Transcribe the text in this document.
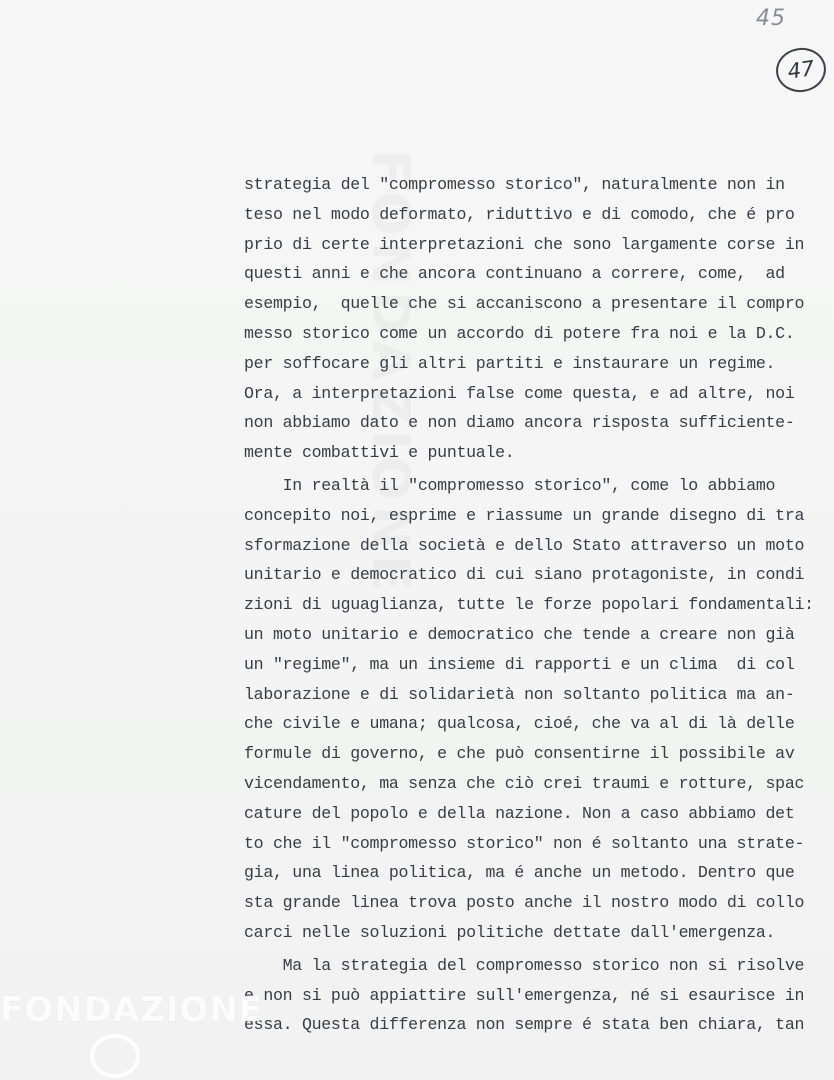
FONDAZIONE
45
47
strategia del "compromesso storico", naturalmente non in
teso nel modo deformato, riduttivo e di comodo, che é pro
prio di certe interpretazioni che sono largamente corse in
questi anni e che ancora continuano a correre, come,  ad
esempio,  quelle che si accaniscono a presentare il compro
messo storico come un accordo di potere fra noi e la D.C.
per soffocare gli altri partiti e instaurare un regime.
Ora, a interpretazioni false come questa, e ad altre, noi
non abbiamo dato e non diamo ancora risposta sufficiente-
mente combattivi e puntuale.
In realtà il "compromesso storico", come lo abbiamo
concepito noi, esprime e riassume un grande disegno di tra
sformazione della società e dello Stato attraverso un moto
unitario e democratico di cui siano protagoniste, in condi
zioni di uguaglianza, tutte le forze popolari fondamentali:
un moto unitario e democratico che tende a creare non già
un "regime", ma un insieme di rapporti e un clima  di col
laborazione e di solidarietà non soltanto politica ma an-
che civile e umana; qualcosa, cioé, che va al di là delle
formule di governo, e che può consentirne il possibile av
vicendamento, ma senza che ciò crei traumi e rotture, spac
cature del popolo e della nazione. Non a caso abbiamo det
to che il "compromesso storico" non é soltanto una strate-
gia, una linea politica, ma é anche un metodo. Dentro que
sta grande linea trova posto anche il nostro modo di collo
carci nelle soluzioni politiche dettate dall'emergenza.
Ma la strategia del compromesso storico non si risolve
e non si può appiattire sull'emergenza, né si esaurisce in
essa. Questa differenza non sempre é stata ben chiara, tan
FONDAZIONE
